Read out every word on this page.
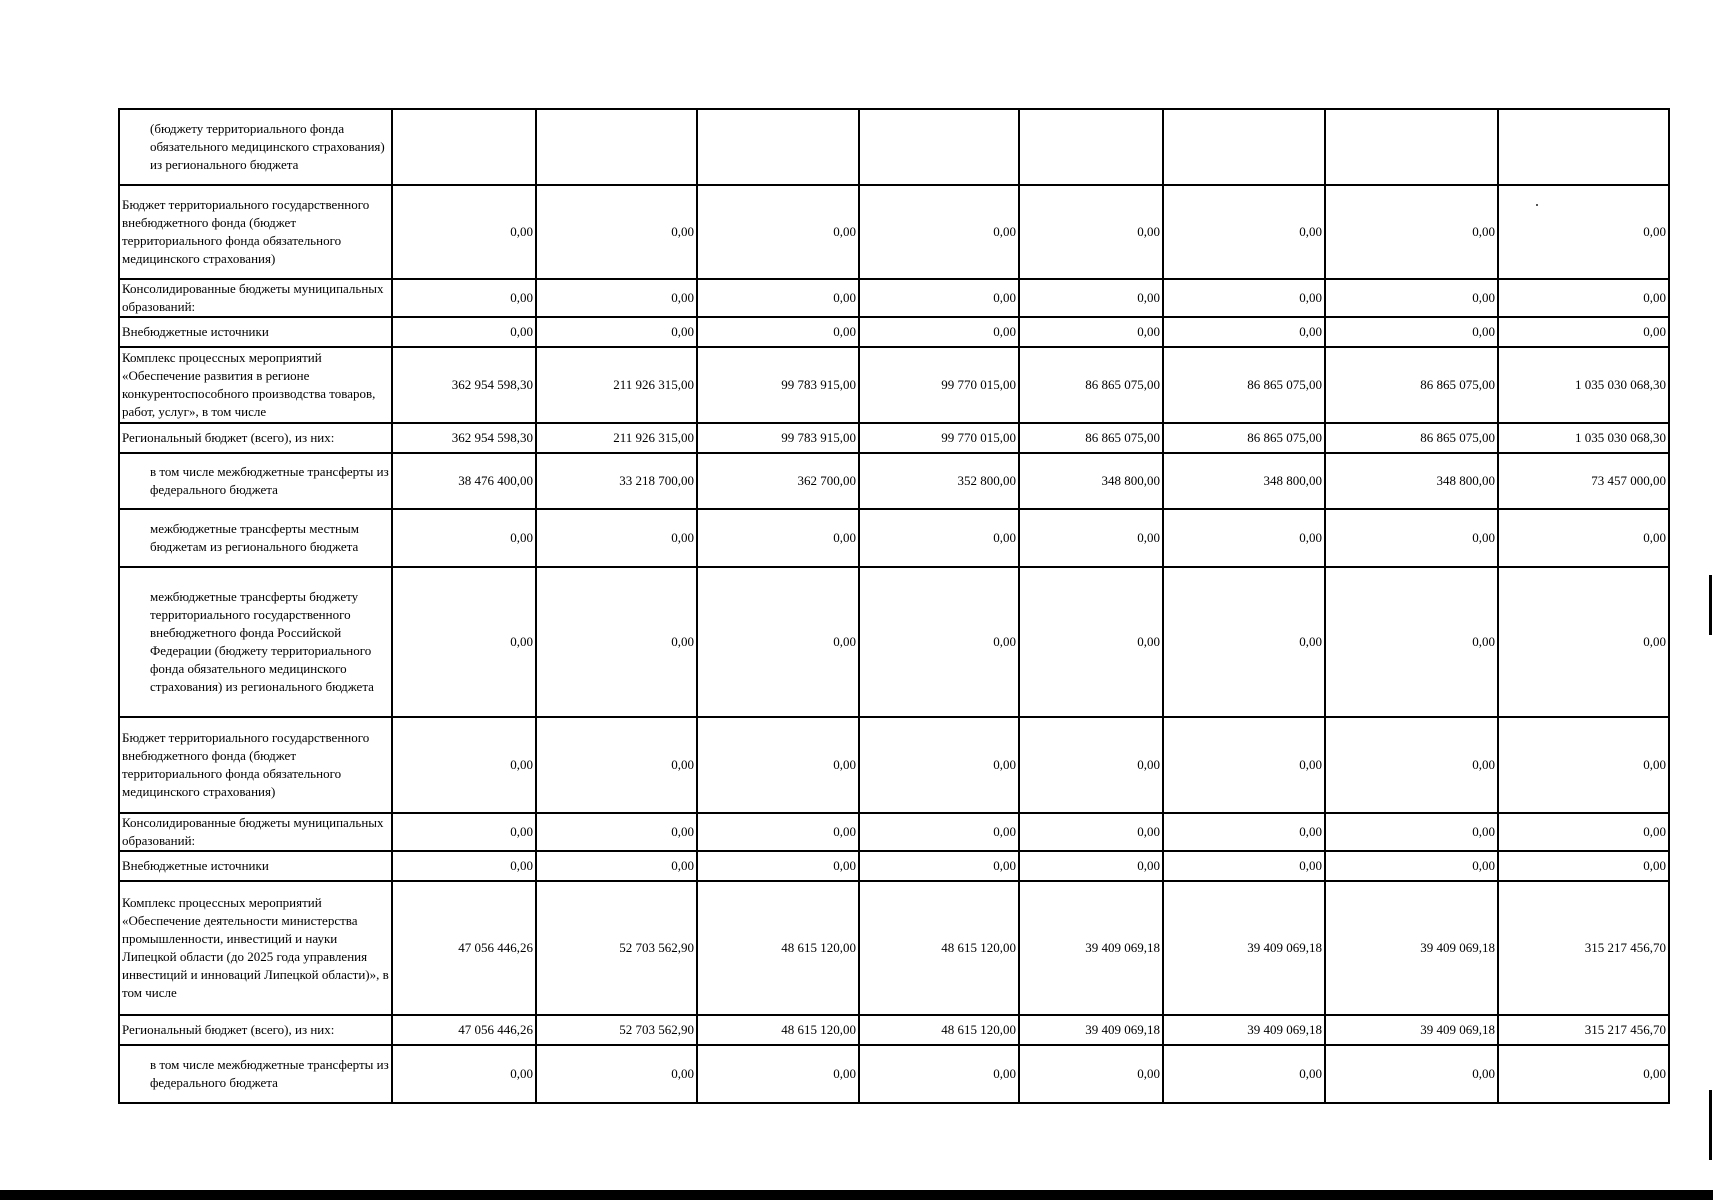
(бюджету территориального фонда обязательного медицинского страхования) из регионального бюджета								
Бюджет территориального государственного внебюджетного фонда (бюджет территориального фонда обязательного медицинского страхования)	0,00	0,00	0,00	0,00	0,00	0,00	0,00	0,00
Консолидированные бюджеты муниципальных образований:	0,00	0,00	0,00	0,00	0,00	0,00	0,00	0,00
Внебюджетные источники	0,00	0,00	0,00	0,00	0,00	0,00	0,00	0,00
Комплекс процессных мероприятий «Обеспечение развития в регионе конкурентоспособного производства товаров, работ, услуг», в том числе	362 954 598,30	211 926 315,00	99 783 915,00	99 770 015,00	86 865 075,00	86 865 075,00	86 865 075,00	1 035 030 068,30
Региональный бюджет (всего), из них:	362 954 598,30	211 926 315,00	99 783 915,00	99 770 015,00	86 865 075,00	86 865 075,00	86 865 075,00	1 035 030 068,30
в том числе межбюджетные трансферты из федерального бюджета	38 476 400,00	33 218 700,00	362 700,00	352 800,00	348 800,00	348 800,00	348 800,00	73 457 000,00
межбюджетные трансферты местным бюджетам из регионального бюджета	0,00	0,00	0,00	0,00	0,00	0,00	0,00	0,00
межбюджетные трансферты бюджету территориального государственного внебюджетного фонда Российской Федерации (бюджету территориального фонда обязательного медицинского страхования) из регионального бюджета	0,00	0,00	0,00	0,00	0,00	0,00	0,00	0,00
Бюджет территориального государственного внебюджетного фонда (бюджет территориального фонда обязательного медицинского страхования)	0,00	0,00	0,00	0,00	0,00	0,00	0,00	0,00
Консолидированные бюджеты муниципальных образований:	0,00	0,00	0,00	0,00	0,00	0,00	0,00	0,00
Внебюджетные источники	0,00	0,00	0,00	0,00	0,00	0,00	0,00	0,00
Комплекс процессных мероприятий «Обеспечение деятельности министерства промышленности, инвестиций и науки Липецкой области (до 2025 года управления инвестиций и инноваций Липецкой области)», в том числе	47 056 446,26	52 703 562,90	48 615 120,00	48 615 120,00	39 409 069,18	39 409 069,18	39 409 069,18	315 217 456,70
Региональный бюджет (всего), из них:	47 056 446,26	52 703 562,90	48 615 120,00	48 615 120,00	39 409 069,18	39 409 069,18	39 409 069,18	315 217 456,70
в том числе межбюджетные трансферты из федерального бюджета	0,00	0,00	0,00	0,00	0,00	0,00	0,00	0,00
